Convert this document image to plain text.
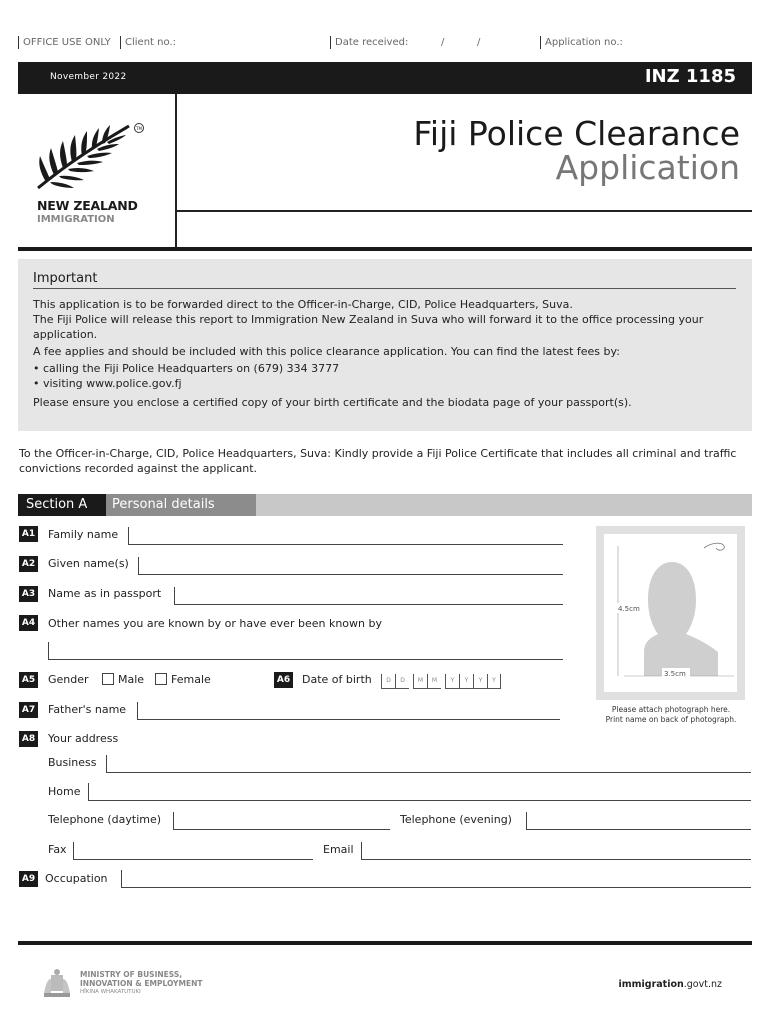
OFFICE USE ONLY	Client no.:	Date received:	/	/	Application no.:
November 2022	INZ 1185
TM
NEW ZEALAND
IMMIGRATION
Fiji Police Clearance
Application
Important

This application is to be forwarded direct to the Officer-in-Charge, CID, Police Headquarters, Suva.

The Fiji Police will release this report to Immigration New Zealand in Suva who will forward it to the office processing your application.

A fee applies and should be included with this police clearance application. You can find the latest fees by:

• calling the Fiji Police Headquarters on (679) 334 3777

• visiting www.police.gov.fj

Please ensure you enclose a certified copy of your birth certificate and the biodata page of your passport(s).

To the Officer-in-Charge, CID, Police Headquarters, Suva: Kindly provide a Fiji Police Certificate that includes all criminal and traffic convictions recorded against the applicant.
Section A	Personal details
A1 Family name
A2 Given name(s)
A3 Name as in passport
A4 Other names you are known by or have ever been known by
A5 Gender	Male Female	A6 Date of birth	D	D	M	M	Y	Y	Y	Y
A7 Father's name
A8 Your address
Business
Home
Telephone (daytime)	Telephone (evening)
Fax	Email
A9 Occupation
4.5cm
3.5cm
Please attach photograph here.
Print name on back of photograph.
MINISTRY OF BUSINESS,
INNOVATION & EMPLOYMENT
HĪKINA WHAKATUTUKI
immigration.govt.nz
